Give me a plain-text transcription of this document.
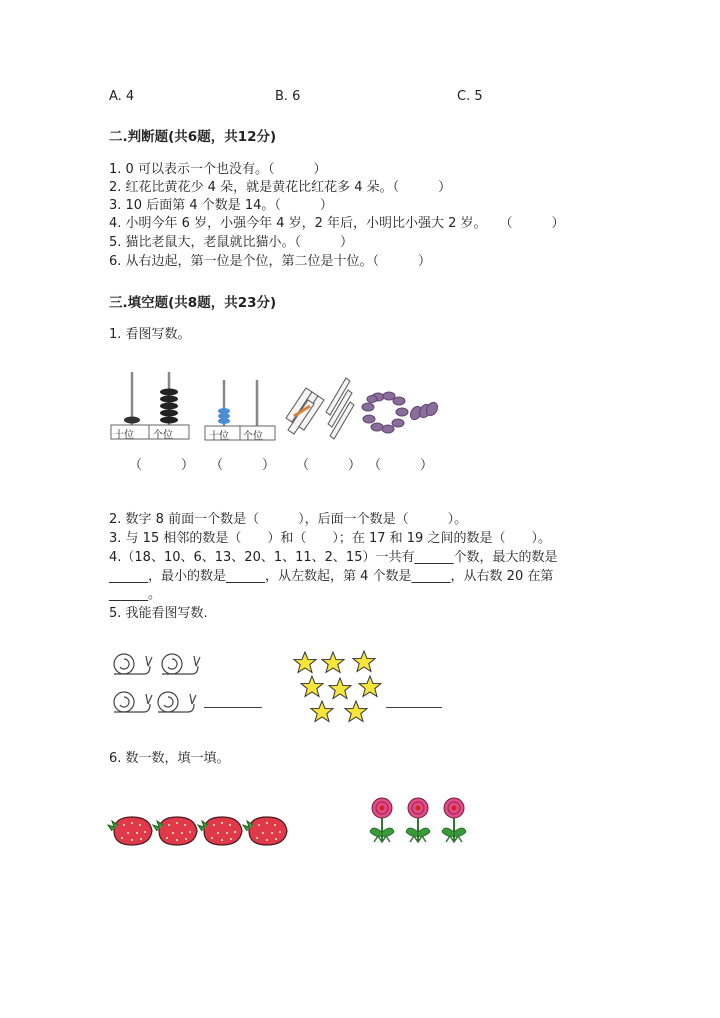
A. 4	B. 6	C. 5
二.判断题(共6题，共12分)
1. 0 可以表示一个也没有。（　　　）
2. 红花比黄花少 4 朵，就是黄花比红花多 4 朵。（　　　）
3. 10 后面第 4 个数是 14。（　　　）
4. 小明今年 6 岁，小强今年 4 岁，2 年后，小明比小强大 2 岁。　　（　　　）
5. 猫比老鼠大，老鼠就比猫小。（　　　）
6. 从右边起，第一位是个位，第二位是十位。（　　　）
三.填空题(共8题，共23分)
1. 看图写数。
十位 个位	十位 个位
（　　　） （　　　） （　　　） （　　　）
2. 数字 8 前面一个数是（　　　），后面一个数是（　　　）。
3. 与 15 相邻的数是（　　）和（　　）；在 17 和 19 之间的数是（　　）。
4.（18、10、6、13、20、1、11、2、15）一共有______个数，最大的数是
______，最小的数是______，从左数起，第 4 个数是______，从右数 20 在第
______。
5. 我能看图写数.
6. 数一数，填一填。
